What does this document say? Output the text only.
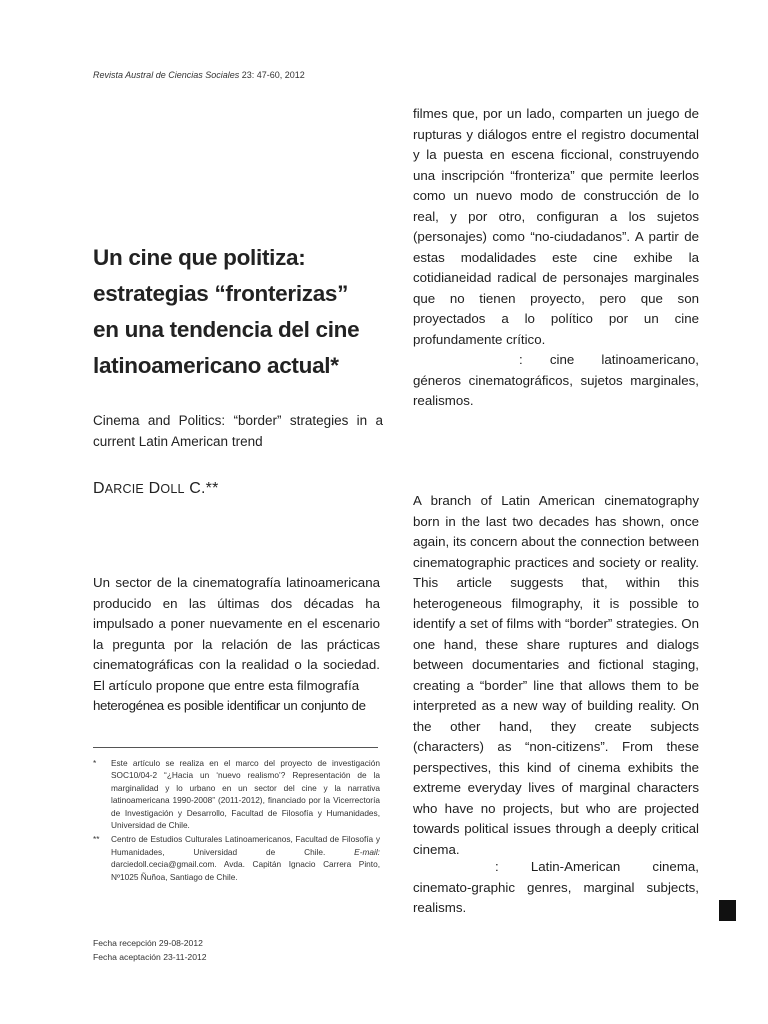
Revista Austral de Ciencias Sociales 23: 47-60, 2012
Un cine que politiza:
estrategias “fronterizas”
en una tendencia del cine
latinoamericano actual*
Cinema and Politics: “border” strategies in a current Latin American trend
DARCIE DOLL C.**

Un sector de la cinematografía latinoamericana producido en las últimas dos décadas ha impulsado a poner nuevamente en el escenario la pregunta por la relación de las prácticas cinematográficas con la realidad o la sociedad. El artículo propone que entre esta filmografía

heterogénea es posible identificar un conjunto de
filmes que, por un lado, comparten un juego de rupturas y diálogos entre el registro documental y la puesta en escena ficcional, construyendo una inscripción “fronteriza” que permite leerlos como un nuevo modo de construcción de lo real, y por otro, configuran a los sujetos (personajes) como “no-ciudadanos”. A partir de estas modalidades este cine exhibe la cotidianeidad radical de personajes marginales que no tienen proyecto, pero que son proyectados a lo político por un cine profundamente crítico.
: cine latinoamericano, géneros cinematográficos, sujetos marginales, realismos.
A branch of Latin American cinematography born in the last two decades has shown, once again, its concern about the connection between cinematographic practices and society or reality. This article suggests that, within this heterogeneous filmography, it is possible to identify a set of films with “border” strategies. On one hand, these share ruptures and dialogs between documentaries and fictional staging, creating a “border” line that allows them to be interpreted as a new way of building reality. On the other hand, they create subjects (characters) as “non-citizens”. From these perspectives, this kind of cinema exhibits the extreme everyday lives of marginal characters who have no projects, but who are projected towards political issues through a deeply critical cinema.
: Latin-American cinema, cinemato-graphic genres, marginal subjects, realisms.
* Este artículo se realiza en el marco del proyecto de investigación SOC10/04-2 “¿Hacia un ‘nuevo realismo’? Representación de la marginalidad y lo urbano en un sector del cine y la narrativa latinoamericana 1990-2008” (2011-2012), financiado por la Vicerrectoría de Investigación y Desarrollo, Facultad de Filosofía y Humanidades, Universidad de Chile.
** Centro de Estudios Culturales Latinoamericanos, Facultad de Filosofía y Humanidades, Universidad de Chile. E-mail: darciedoll.cecia@gmail.com. Avda. Capitán Ignacio Carrera Pinto, Nº1025 Ñuñoa, Santiago de Chile.
Fecha recepción 29-08-2012
Fecha aceptación 23-11-2012
